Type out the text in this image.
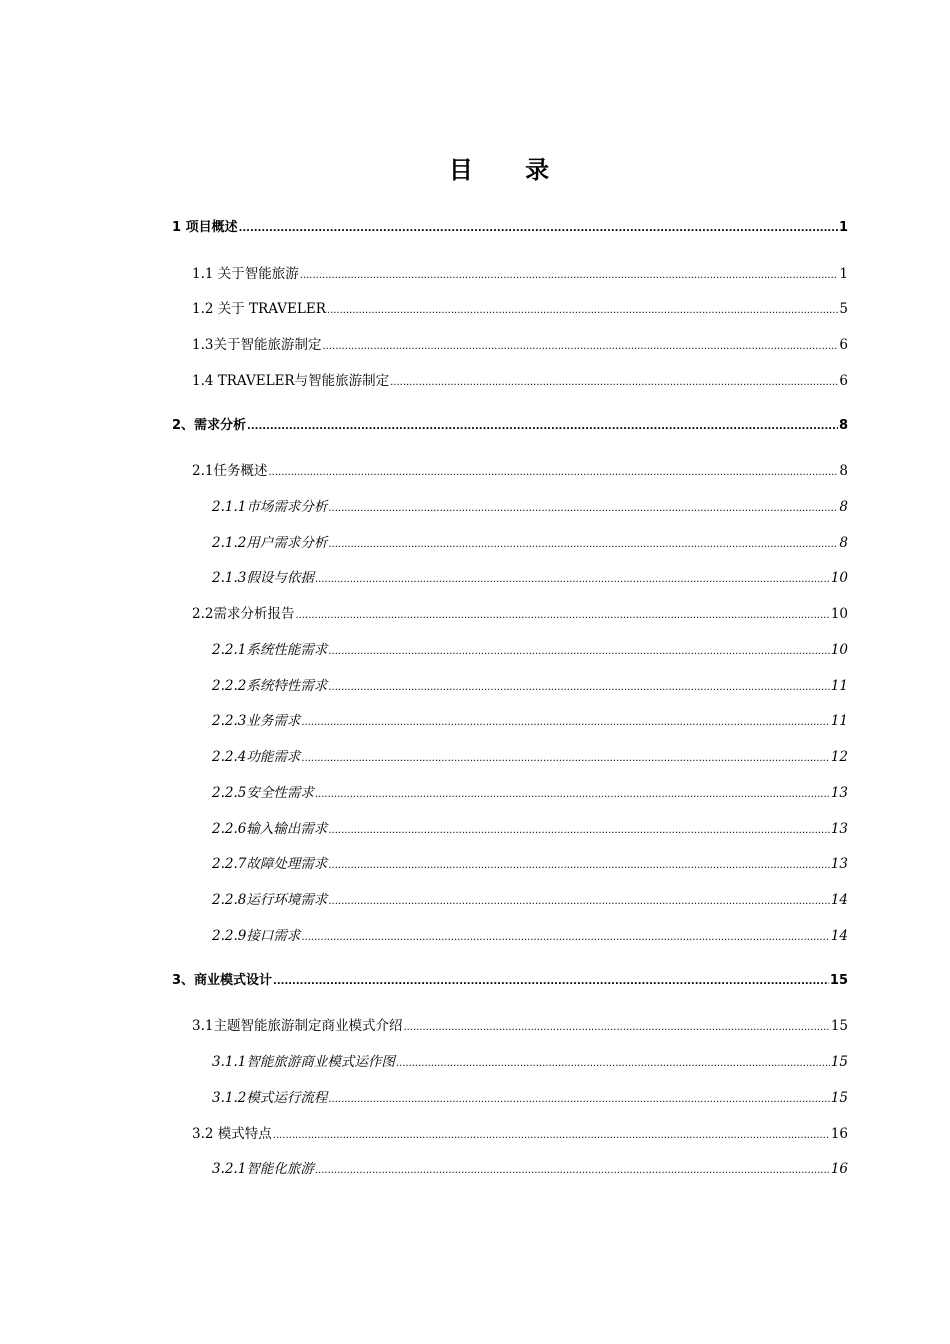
目 录
1 项目概述 .....	1
1.1 关于智能旅游 .....	1
1.2 关于 TRAVELER .....	5
1.3关于智能旅游制定 .....	6
1.4 TRAVELER与智能旅游制定 .....	6
2、需求分析 .....	8
2.1任务概述 .....	8
2.1.1市场需求分析 .....	8
2.1.2用户需求分析 .....	8
2.1.3假设与依据 .....	10
2.2需求分析报告 .....	10
2.2.1系统性能需求 .....	10
2.2.2系统特性需求 .....	11
2.2.3业务需求 .....	11
2.2.4功能需求 .....	12
2.2.5安全性需求 .....	13
2.2.6输入输出需求 .....	13
2.2.7故障处理需求 .....	13
2.2.8运行环境需求 .....	14
2.2.9接口需求 .....	14
3、商业模式设计 .....	15
3.1主题智能旅游制定商业模式介绍 .....	15
3.1.1智能旅游商业模式运作图 .....	15
3.1.2模式运行流程 .....	15
3.2 模式特点 .....	16
3.2.1智能化旅游 .....	16
